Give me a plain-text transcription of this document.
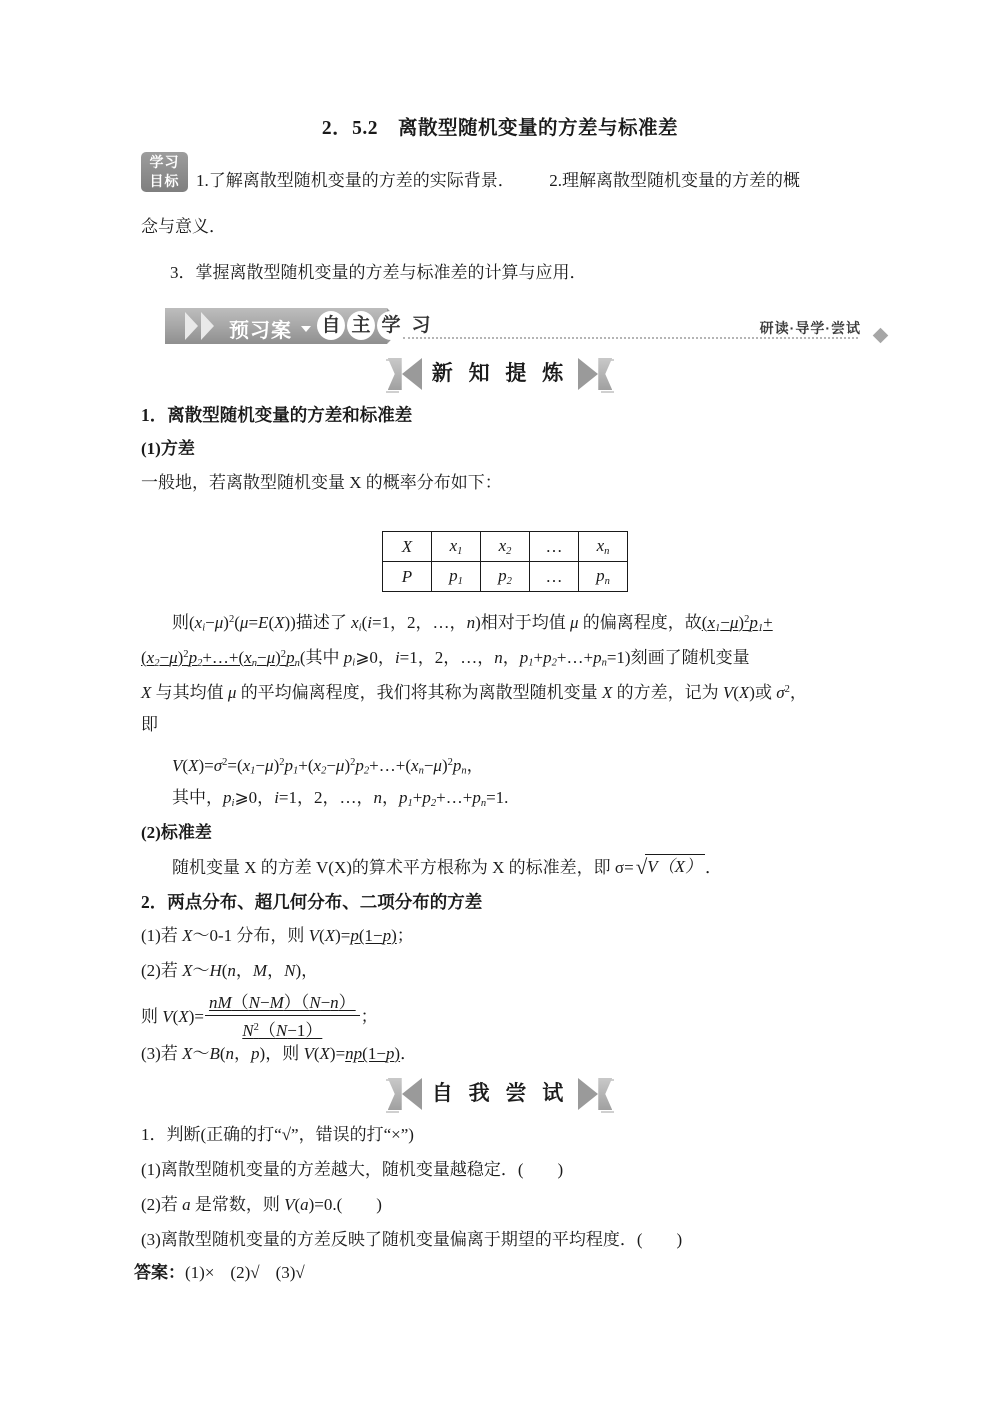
2．5.2　离散型随机变量的方差与标准差
学习
目标 1.了解离散型随机变量的方差的实际背景． 2.理解离散型随机变量的方差的概
念与意义．
3．掌握离散型随机变量的方差与标准差的计算与应用．
预习案 自 主 学 习	研读·导学·尝试
新 知 提 炼
1．离散型随机变量的方差和标准差
(1)方差
一般地，若离散型随机变量 X 的概率分布如下：
X	$x_1$	$x_2$	…	$x_n$
P	$p_1$	$p_2$	…	$p_n$
则$(x_i-\mu)^2(\mu=E(X))$描述了 $x_i(i=1$，2，…，n)相对于均值 μ 的偏离程度，故$(x_1-\mu)^2p_1+$
$(x_2-\mu)^2p_2+\dots+(x_n-\mu)^2p_n$(其中 $p_i⩾0$，i=1，2，…，n，$p_1+p_2+\dots+p_n=1$)刻画了随机变量
X 与其均值 μ 的平均偏离程度，我们将其称为离散型随机变量 X 的方差，记为 V(X)或 $\sigma^2$，
即
$V(X)=\sigma^2=(x_1-\mu)^2p_1+(x_2-\mu)^2p_2+\dots+(x_n-\mu)^2p_n$，
其中，$p_i⩾0$，i=1，2，…，n，$p_1+p_2+\dots+p_n=1$.
(2)标准差
随机变量 X 的方差 V(X)的算术平方根称为 X 的标准差，即 σ=√V（X） ．
2．两点分布、超几何分布、二项分布的方差
(1)若 X～0-1 分布，则 V(X)=p(1−p)；
(2)若 X～H(n，M，N)，
则 $V(X)= \frac{nM(N-M)(N-n)}{N^2(N-1)}$ ；
(3)若 X～B(n，p)，则 V(X)=np(1−p)．
自 我 尝 试
1．判断(正确的打“√”，错误的打“×”)
(1)离散型随机变量的方差越大，随机变量越稳定．(　　)
(2)若 a 是常数，则 V(a)=0.(　　)
(3)离散型随机变量的方差反映了随机变量偏离于期望的平均程度．(　　)
答案：(1)× (2)√ (3)√
